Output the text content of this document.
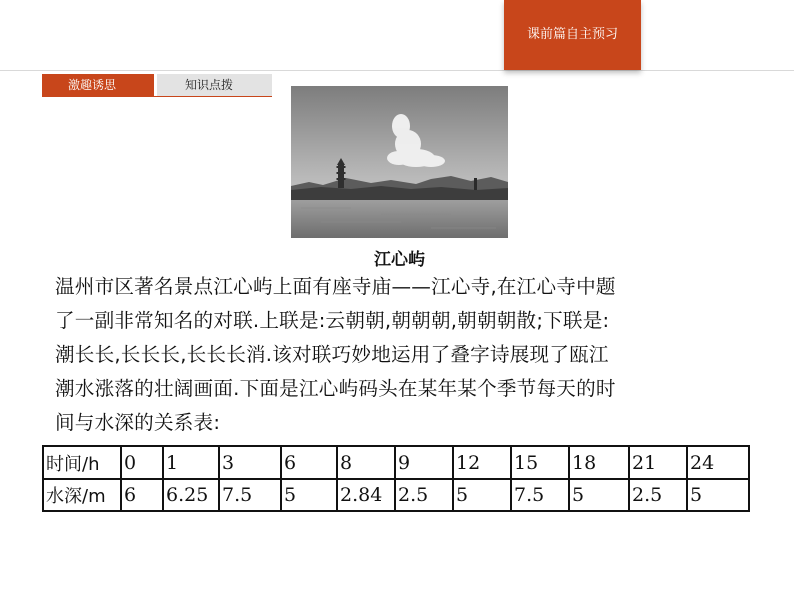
课前篇自主预习
激趣诱思	知识点拨
江心屿
温州市区著名景点江心屿上面有座寺庙——江心寺,在江心寺中题
了一副非常知名的对联.上联是:云朝朝,朝朝朝,朝朝朝散;下联是:
潮长长,长长长,长长长消.该对联巧妙地运用了叠字诗展现了瓯江
潮水涨落的壮阔画面.下面是江心屿码头在某年某个季节每天的时
间与水深的关系表:
时间/h	0	1	3	6	8	9	12	15	18	21	24
水深/m	6	6.25	7.5	5	2.84	2.5	5	7.5	5	2.5	5
